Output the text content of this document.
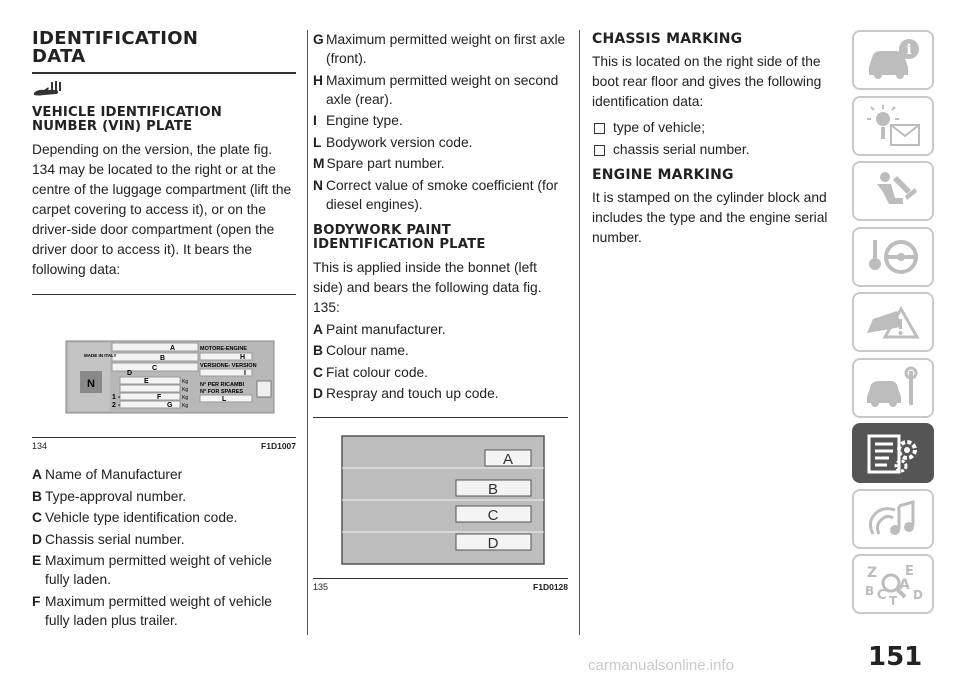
IDENTIFICATION
DATA
VEHICLE IDENTIFICATION
NUMBER (VIN) PLATE

Depending on the version, the plate fig. 134 may be located to the right or at the centre of the luggage compartment (lift the carpet covering to access it), or on the driver-side door compartment (open the driver door to access it). It bears the following data:

MADE IN ITALY
N
A
B
C
D
E
F
G
H
I
L
MOTORE-ENGINE
VERSIONE- VERSION
N° PER RICAMBI
N° FOR SPARES
Kg
Kg
Kg
Kg
1 -
2 -
134	F1D1007
A Name of Manufacturer
B Type-approval number.
C Vehicle type identification code.
D Chassis serial number.
E Maximum permitted weight of vehicle fully laden.
F Maximum permitted weight of vehicle fully laden plus trailer.
G Maximum permitted weight on first axle (front).
H Maximum permitted weight on second axle (rear).
I Engine type.
L Bodywork version code.
M Spare part number.
N Correct value of smoke coefficient (for diesel engines).
BODYWORK PAINT
IDENTIFICATION PLATE

This is applied inside the bonnet (left side) and bears the following data fig. 135:

A Paint manufacturer.
B Colour name.
C Fiat colour code.
D Respray and touch up code.
A
B
C
D
135	F1D0128
CHASSIS MARKING

This is located on the right side of the boot rear floor and gives the following identification data:

type of vehicle;
chassis serial number.
ENGINE MARKING

It is stamped on the cylinder block and includes the type and the engine serial number.

i
Z E
B C T D
A
151
carmanualsonline.info
